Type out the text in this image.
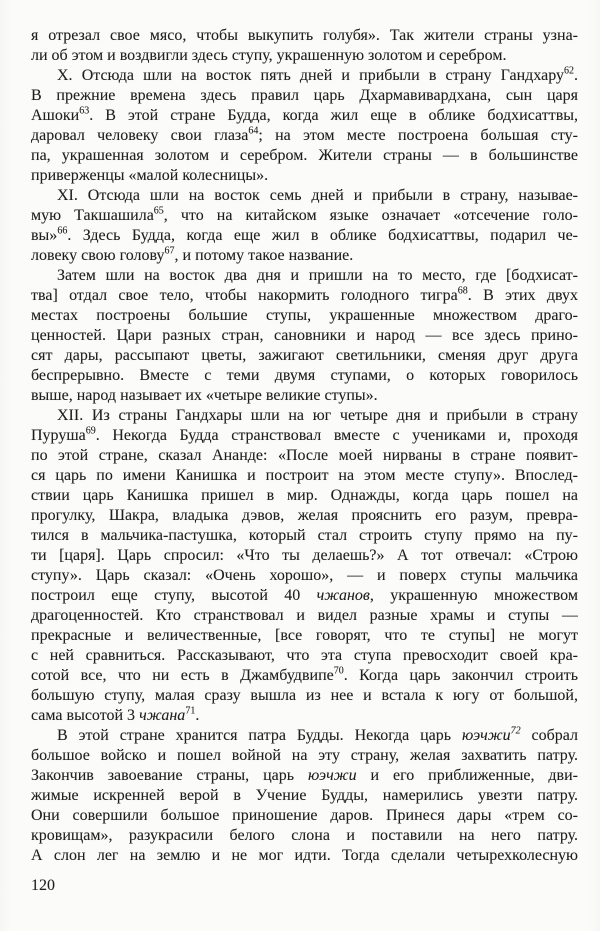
я отрезал свое мясо, чтобы выкупить голубя». Так жители страны узна-
ли об этом и воздвигли здесь ступу, украшенную золотом и серебром.
X. Отсюда шли на восток пять дней и прибыли в страну Гандхару$^{62}$.
В прежние времена здесь правил царь Дхармавивардхана, сын царя
Ашоки$^{63}$. В этой стране Будда, когда жил еще в облике бодхисаттвы,
даровал человеку свои глаза$^{64}$; на этом месте построена большая сту-
па, украшенная золотом и серебром. Жители страны — в большинстве
приверженцы «малой колесницы».
XI. Отсюда шли на восток семь дней и прибыли в страну, называе-
мую Такшашила$^{65}$, что на китайском языке означает «отсечение голо-
вы»$^{66}$. Здесь Будда, когда еще жил в облике бодхисаттвы, подарил че-
ловеку свою голову$^{67}$, и потому такое название.
Затем шли на восток два дня и пришли на то место, где [бодхисат-
тва] отдал свое тело, чтобы накормить голодного тигра$^{68}$. В этих двух
местах построены большие ступы, украшенные множеством драго-
ценностей. Цари разных стран, сановники и народ — все здесь прино-
сят дары, рассыпают цветы, зажигают светильники, сменяя друг друга
беспрерывно. Вместе с теми двумя ступами, о которых говорилось
выше, народ называет их «четыре великие ступы».
XII. Из страны Гандхары шли на юг четыре дня и прибыли в страну
Пуруша$^{69}$. Некогда Будда странствовал вместе с учениками и, проходя
по этой стране, сказал Ананде: «После моей нирваны в стране появит-
ся царь по имени Канишка и построит на этом месте ступу». Впослед-
ствии царь Канишка пришел в мир. Однажды, когда царь пошел на
прогулку, Шакра, владыка дэвов, желая прояснить его разум, превра-
тился в мальчика-пастушка, который стал строить ступу прямо на пу-
ти [царя]. Царь спросил: «Что ты делаешь?» А тот отвечал: «Строю
ступу». Царь сказал: «Очень хорошо», — и поверх ступы мальчика
построил еще ступу, высотой 40 чжанов, украшенную множеством
драгоценностей. Кто странствовал и видел разные храмы и ступы —
прекрасные и величественные, [все говорят, что те ступы] не могут
с ней сравниться. Рассказывают, что эта ступа превосходит своей кра-
сотой все, что ни есть в Джамбудвипе$^{70}$. Когда царь закончил строить
большую ступу, малая сразу вышла из нее и встала к югу от большой,
сама высотой 3 чжана$^{71}$.
В этой стране хранится патра Будды. Некогда царь юэчжи$^{72}$ собрал
большое войско и пошел войной на эту страну, желая захватить патру.
Закончив завоевание страны, царь юэчжи и его приближенные, дви-
жимые искренней верой в Учение Будды, намерились увезти патру.
Они совершили большое приношение даров. Принеся дары «трем со-
кровищам», разукрасили белого слона и поставили на него патру.
А слон лег на землю и не мог идти. Тогда сделали четырехколесную
120
